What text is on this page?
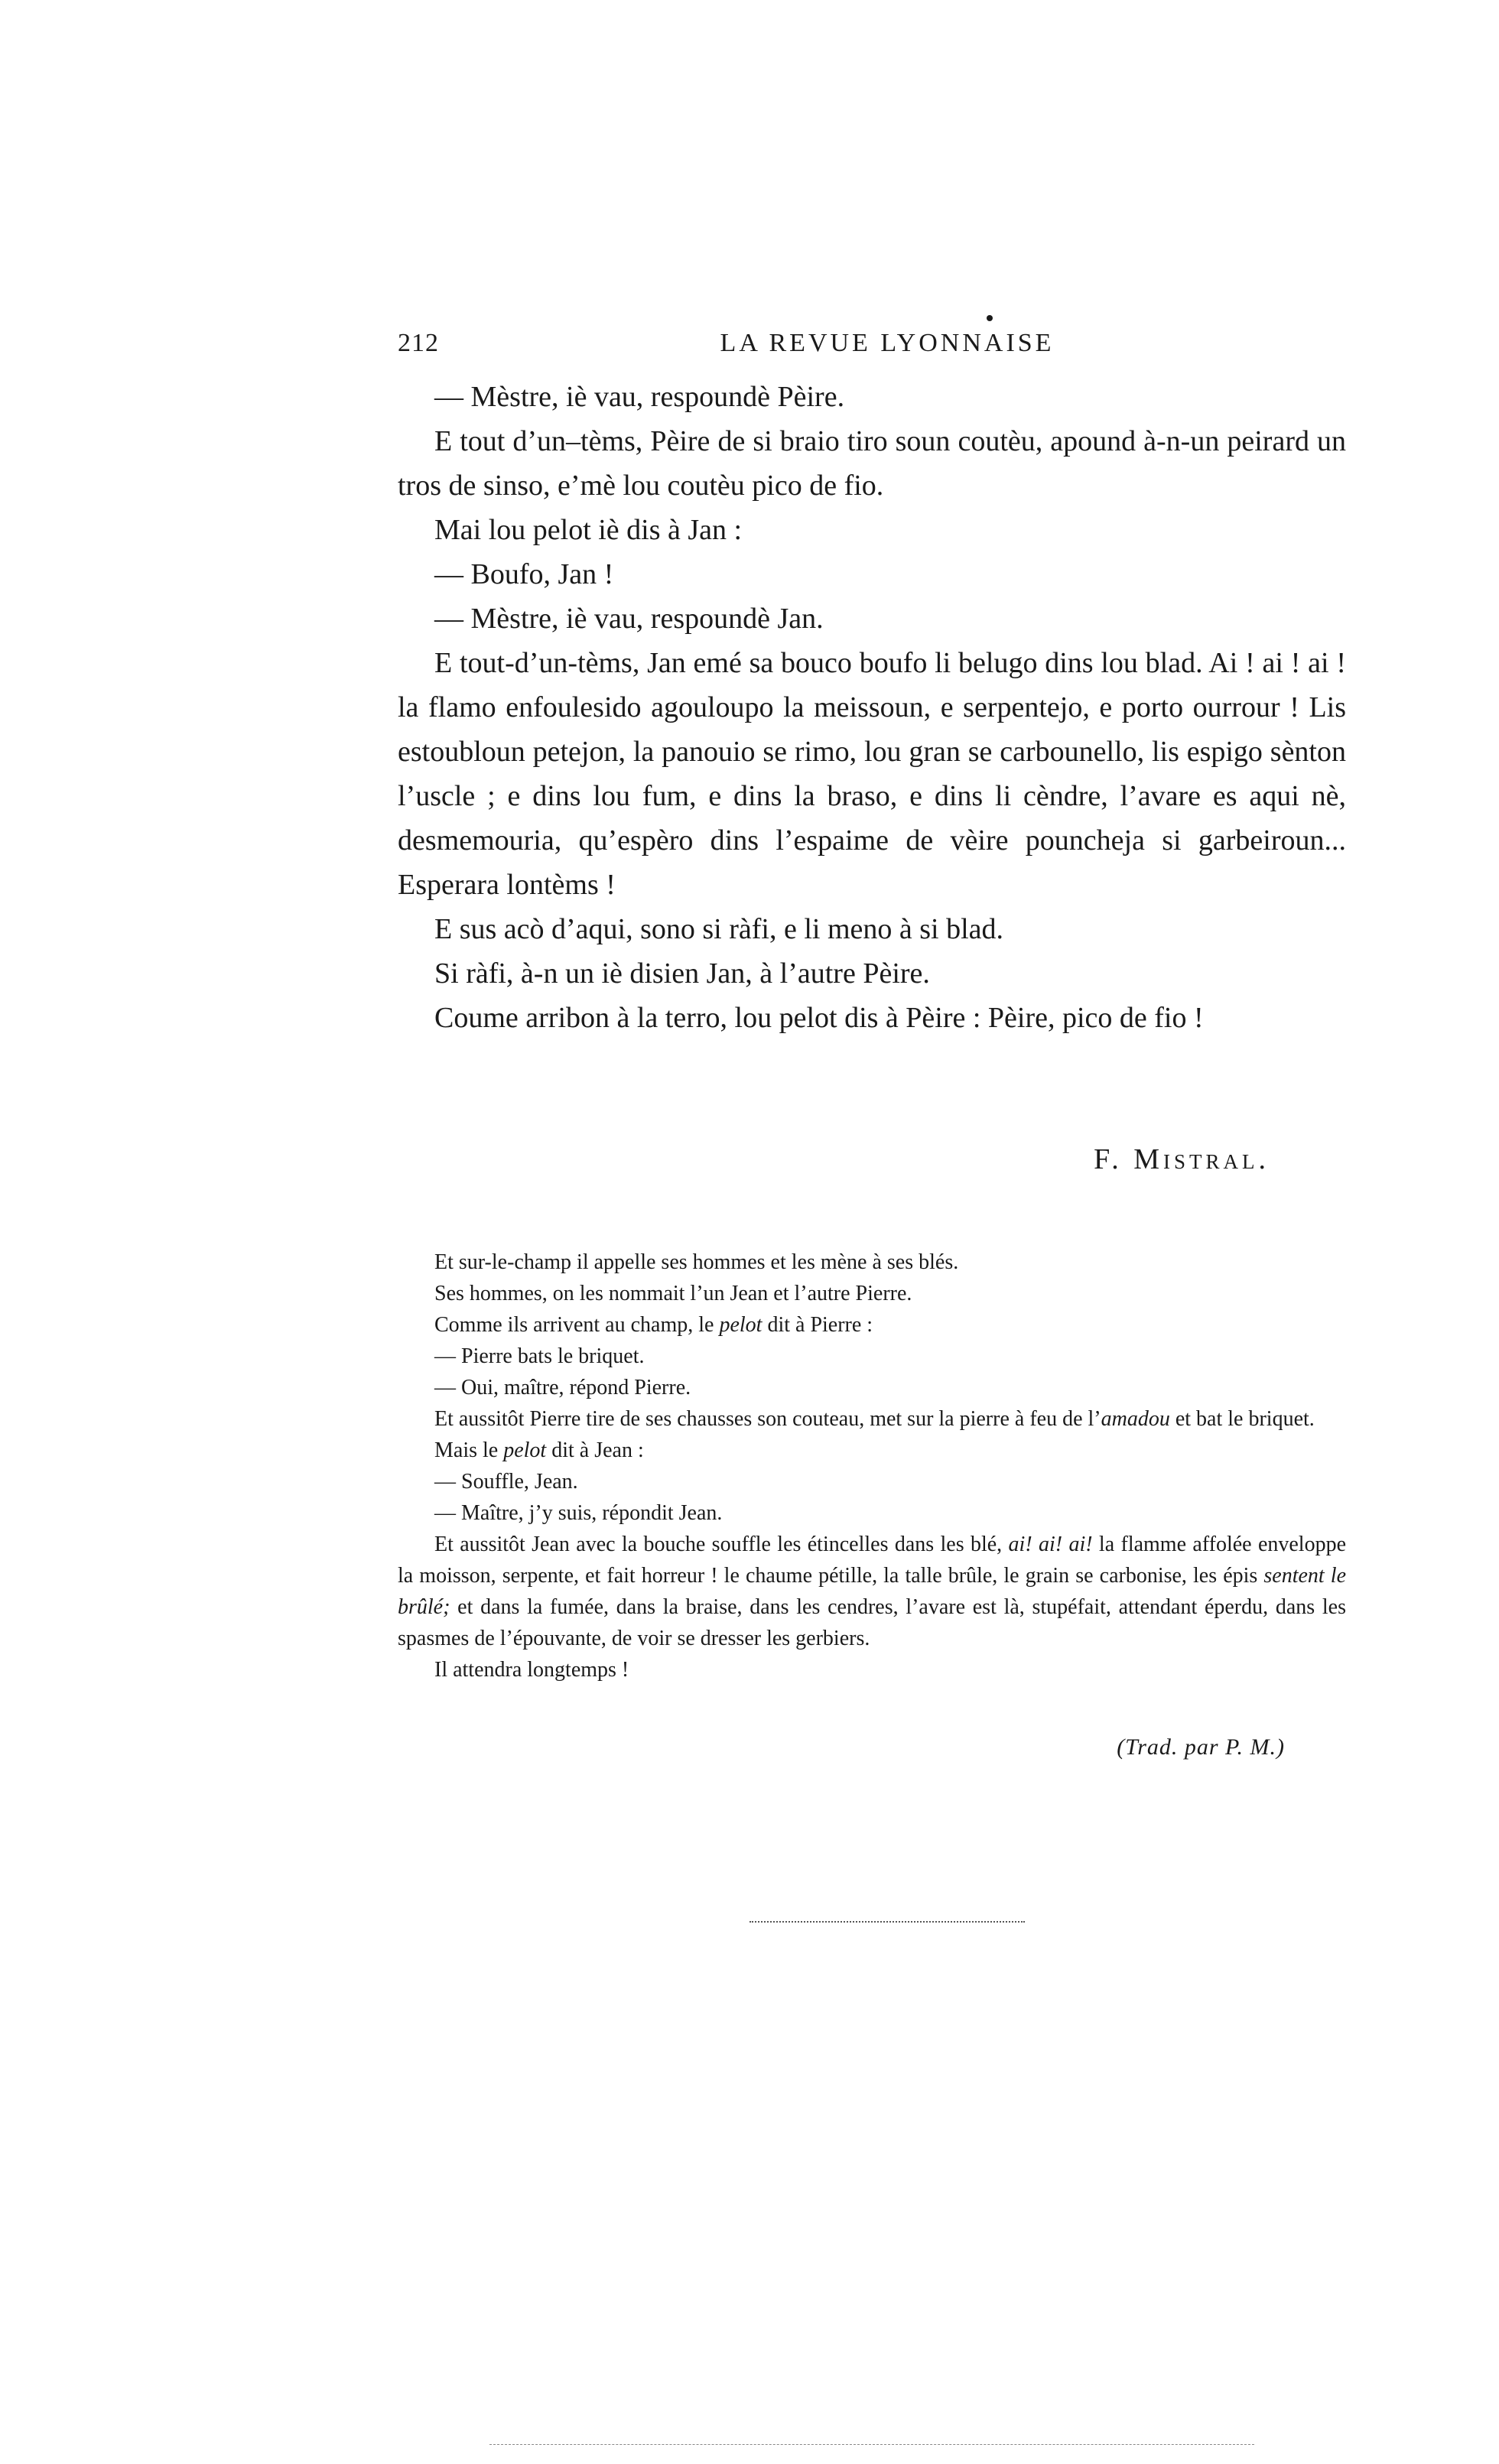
212	LA REVUE LYONNAISE

— Mèstre, iè vau, respoundè Pèire.

E tout d’un–tèms, Pèire de si braio tiro soun coutèu, apound à-n-un peirard un tros de sinso, e’mè lou coutèu pico de fio.

Mai lou pelot iè dis à Jan :

— Boufo, Jan !

— Mèstre, iè vau, respoundè Jan.

E tout-d’un-tèms, Jan emé sa bouco boufo li belugo dins lou blad. Ai ! ai ! ai ! la flamo enfoulesido agouloupo la meissoun, e serpentejo, e porto ourrour ! Lis estoubloun petejon, la panouio se rimo, lou gran se carbounello, lis espigo sènton l’uscle ; e dins lou fum, e dins la braso, e dins li cèndre, l’avare es aqui nè, desmemouria, qu’espèro dins l’espaime de vèire pouncheja si garbeiroun... Esperara lontèms !

E sus acò d’aqui, sono si ràfi, e li meno à si blad.

Si ràfi, à-n un iè disien Jan, à l’autre Pèire.

Coume arribon à la terro, lou pelot dis à Pèire : Pèire, pico de fio !

F. Mistral.

Et sur-le-champ il appelle ses hommes et les mène à ses blés.

Ses hommes, on les nommait l’un Jean et l’autre Pierre.

Comme ils arrivent au champ, le pelot dit à Pierre :

— Pierre bats le briquet.

— Oui, maître, répond Pierre.

Et aussitôt Pierre tire de ses chausses son couteau, met sur la pierre à feu de l’amadou et bat le briquet.

Mais le pelot dit à Jean :

— Souffle, Jean.

— Maître, j’y suis, répondit Jean.

Et aussitôt Jean avec la bouche souffle les étincelles dans les blé, ai! ai! ai! la flamme affolée enveloppe la moisson, serpente, et fait horreur ! le chaume pétille, la talle brûle, le grain se carbonise, les épis sentent le brûlé; et dans la fumée, dans la braise, dans les cendres, l’avare est là, stupéfait, attendant éperdu, dans les spasmes de l’épouvante, de voir se dresser les gerbiers.

Il attendra longtemps !

(Trad. par P. M.)
